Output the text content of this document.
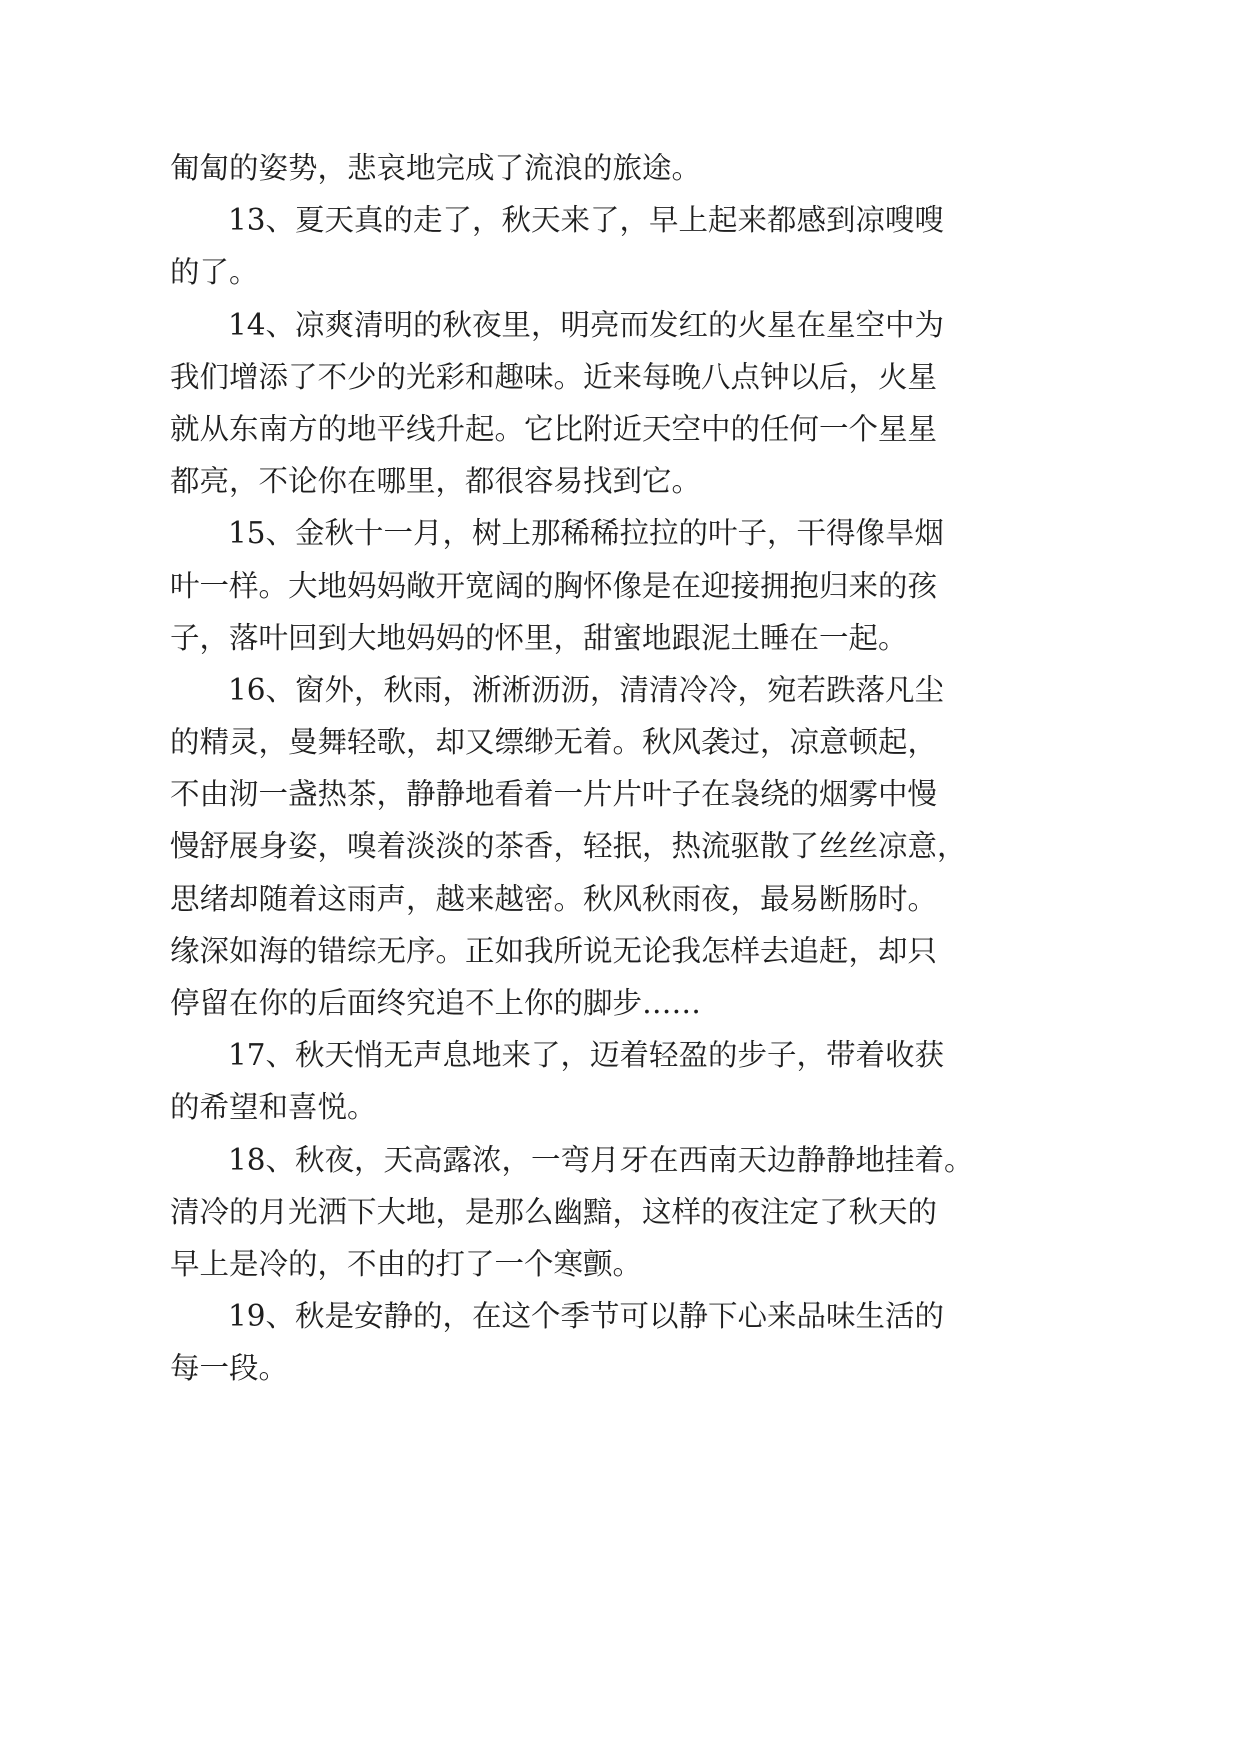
匍匐的姿势，悲哀地完成了流浪的旅途。
13、夏天真的走了，秋天来了，早上起来都感到凉嗖嗖
的了。
14、凉爽清明的秋夜里，明亮而发红的火星在星空中为
我们增添了不少的光彩和趣味。近来每晚八点钟以后，火星
就从东南方的地平线升起。它比附近天空中的任何一个星星
都亮，不论你在哪里，都很容易找到它。
15、金秋十一月，树上那稀稀拉拉的叶子，干得像旱烟
叶一样。大地妈妈敞开宽阔的胸怀像是在迎接拥抱归来的孩
子，落叶回到大地妈妈的怀里，甜蜜地跟泥土睡在一起。
16、窗外，秋雨，淅淅沥沥，清清冷冷，宛若跌落凡尘
的精灵，曼舞轻歌，却又缥缈无着。秋风袭过，凉意顿起，
不由沏一盏热茶，静静地看着一片片叶子在袅绕的烟雾中慢
慢舒展身姿，嗅着淡淡的茶香，轻抿，热流驱散了丝丝凉意，
思绪却随着这雨声，越来越密。秋风秋雨夜，最易断肠时。
缘深如海的错综无序。正如我所说无论我怎样去追赶，却只
停留在你的后面终究追不上你的脚步……
17、秋天悄无声息地来了，迈着轻盈的步子，带着收获
的希望和喜悦。
18、秋夜，天高露浓，一弯月牙在西南天边静静地挂着。
清冷的月光洒下大地，是那么幽黯，这样的夜注定了秋天的
早上是冷的，不由的打了一个寒颤。
19、秋是安静的，在这个季节可以静下心来品味生活的
每一段。
